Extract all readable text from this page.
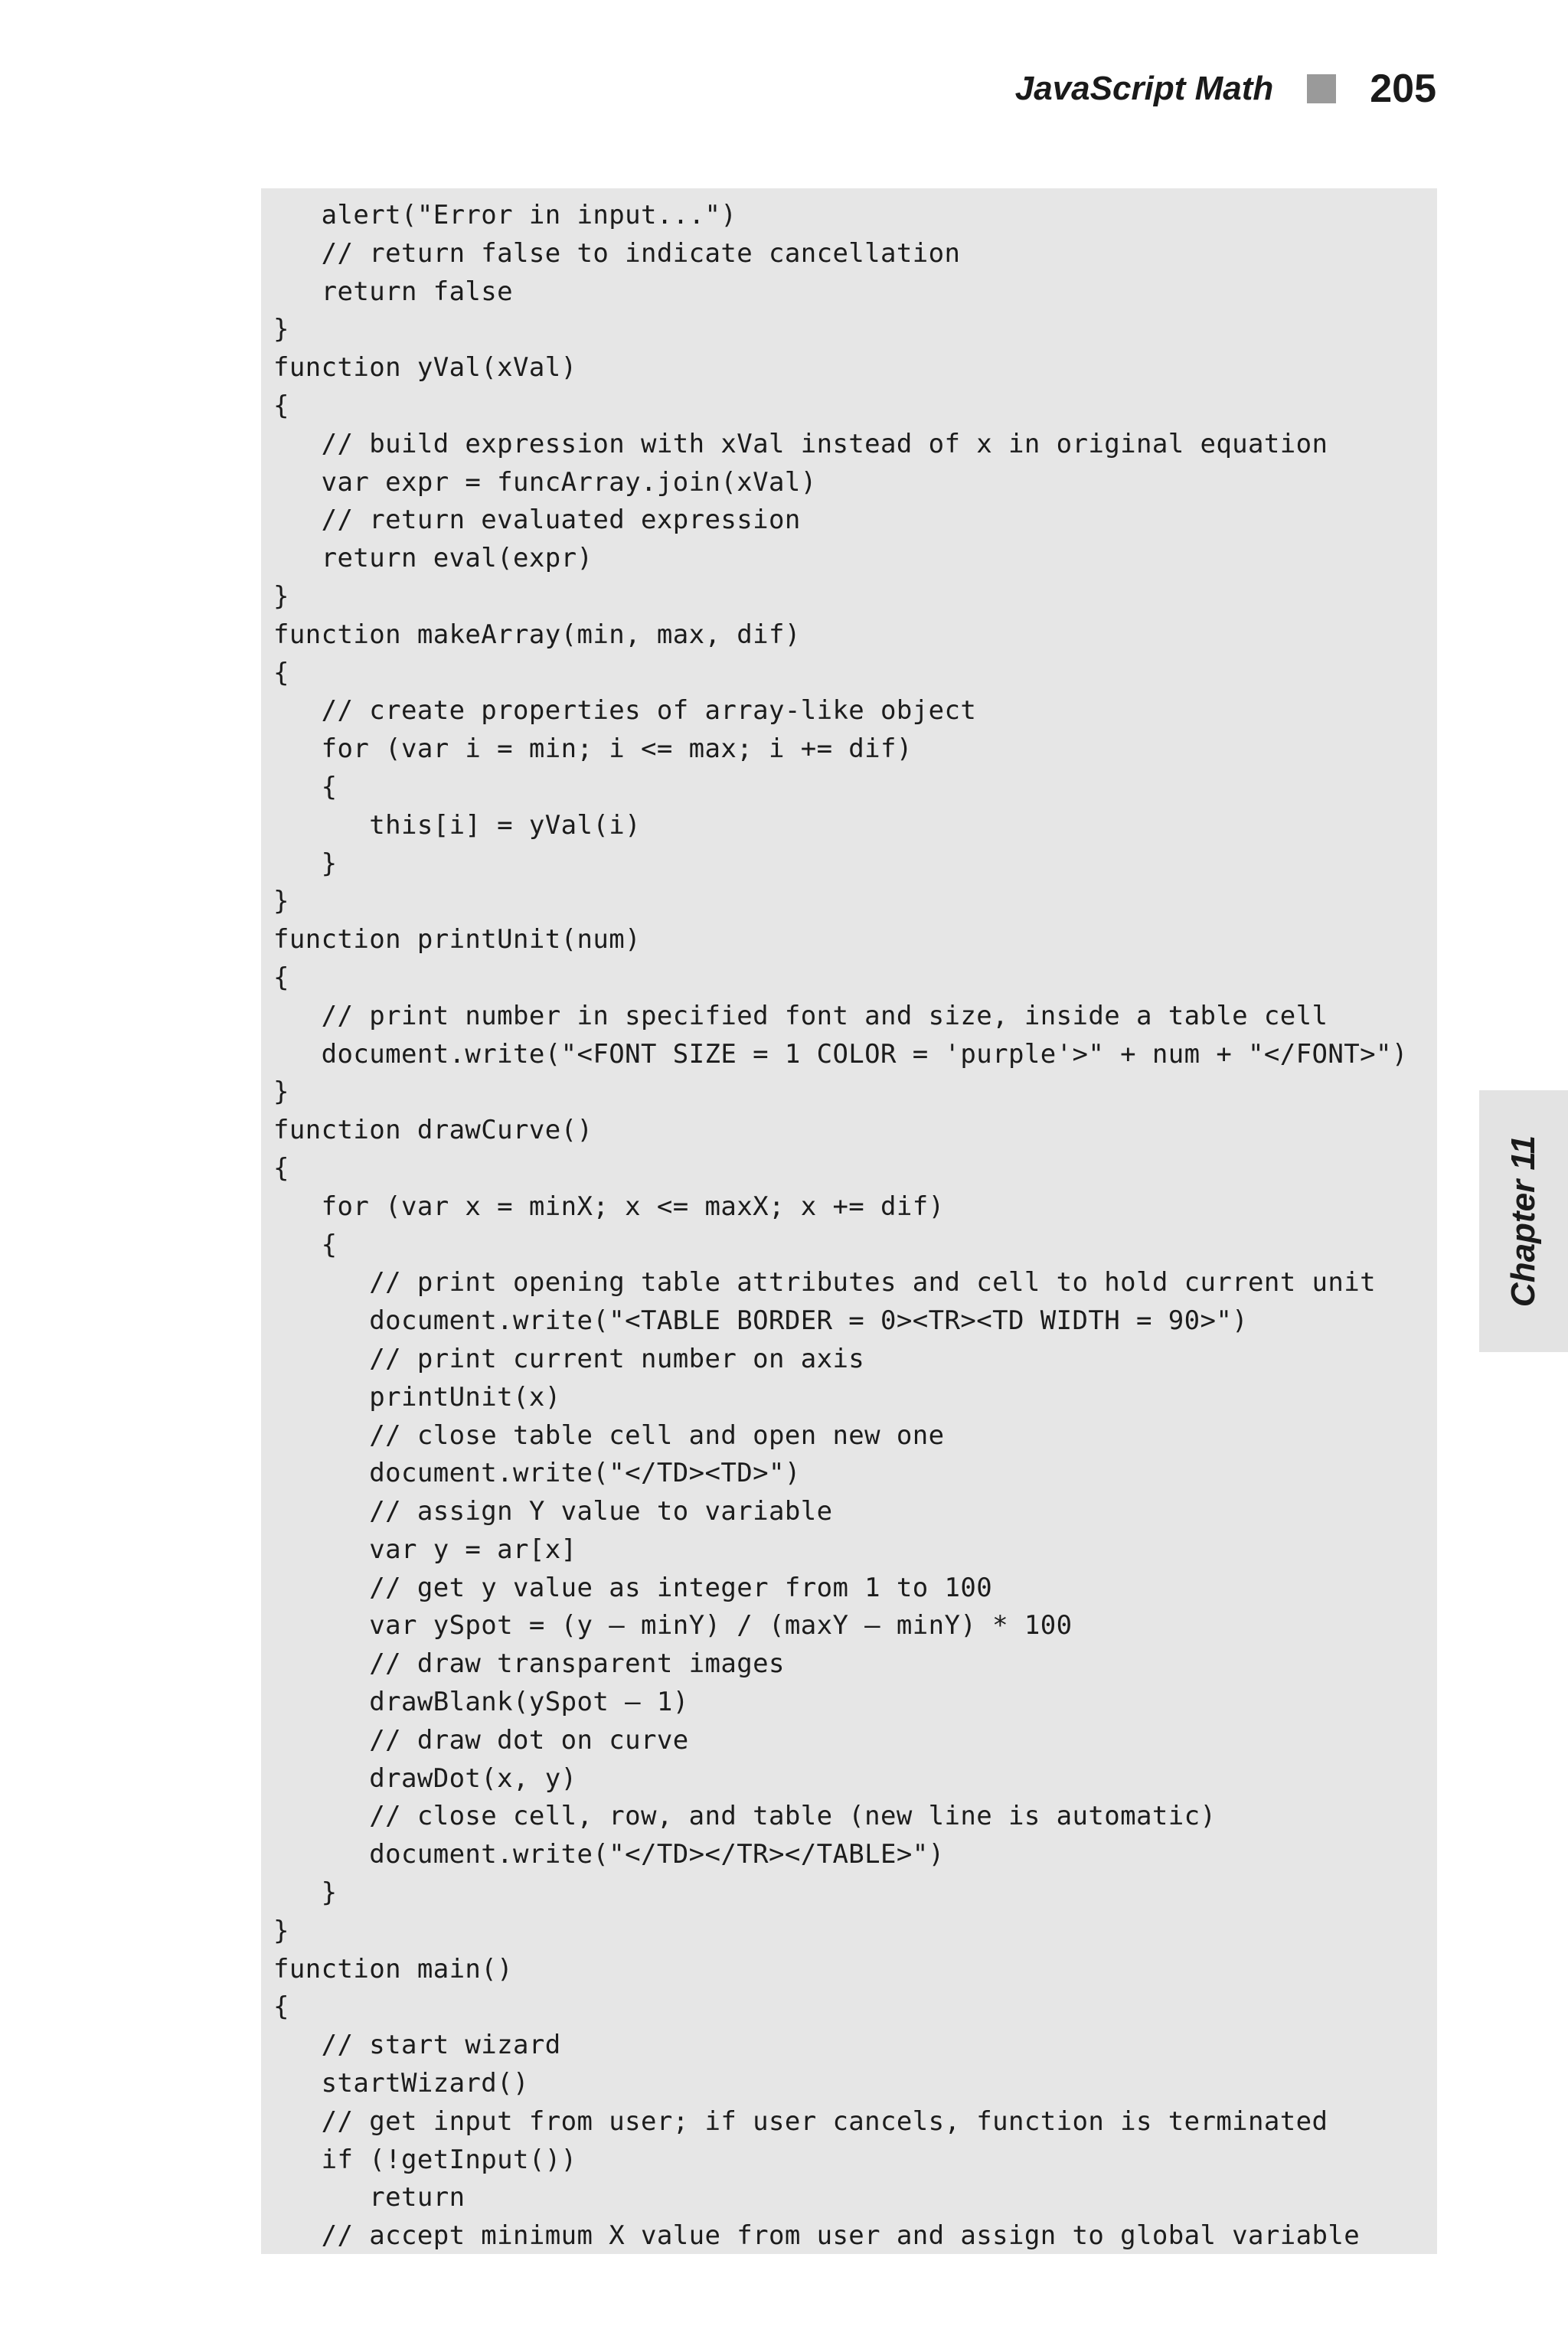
JavaScript Math 205
alert("Error in input...")
// return false to indicate cancellation
return false
}
function yVal(xVal)
{
// build expression with xVal instead of x in original equation
var expr = funcArray.join(xVal)
// return evaluated expression
return eval(expr)
}
function makeArray(min, max, dif)
{
// create properties of array-like object
for (var i = min; i <= max; i += dif)
{
this[i] = yVal(i)
}
}
function printUnit(num)
{
// print number in specified font and size, inside a table cell
document.write("<FONT SIZE = 1 COLOR = 'purple'>" + num + "</FONT>")
}
function drawCurve()
{
for (var x = minX; x <= maxX; x += dif)
{
// print opening table attributes and cell to hold current unit
document.write("<TABLE BORDER = 0><TR><TD WIDTH = 90>")
// print current number on axis
printUnit(x)
// close table cell and open new one
document.write("</TD><TD>")
// assign Y value to variable
var y = ar[x]
// get y value as integer from 1 to 100
var ySpot = (y – minY) / (maxY – minY) * 100
// draw transparent images
drawBlank(ySpot – 1)
// draw dot on curve
drawDot(x, y)
// close cell, row, and table (new line is automatic)
document.write("</TD></TR></TABLE>")
}
}
function main()
{
// start wizard
startWizard()
// get input from user; if user cancels, function is terminated
if (!getInput())
return
// accept minimum X value from user and assign to global variable
Chapter 11
